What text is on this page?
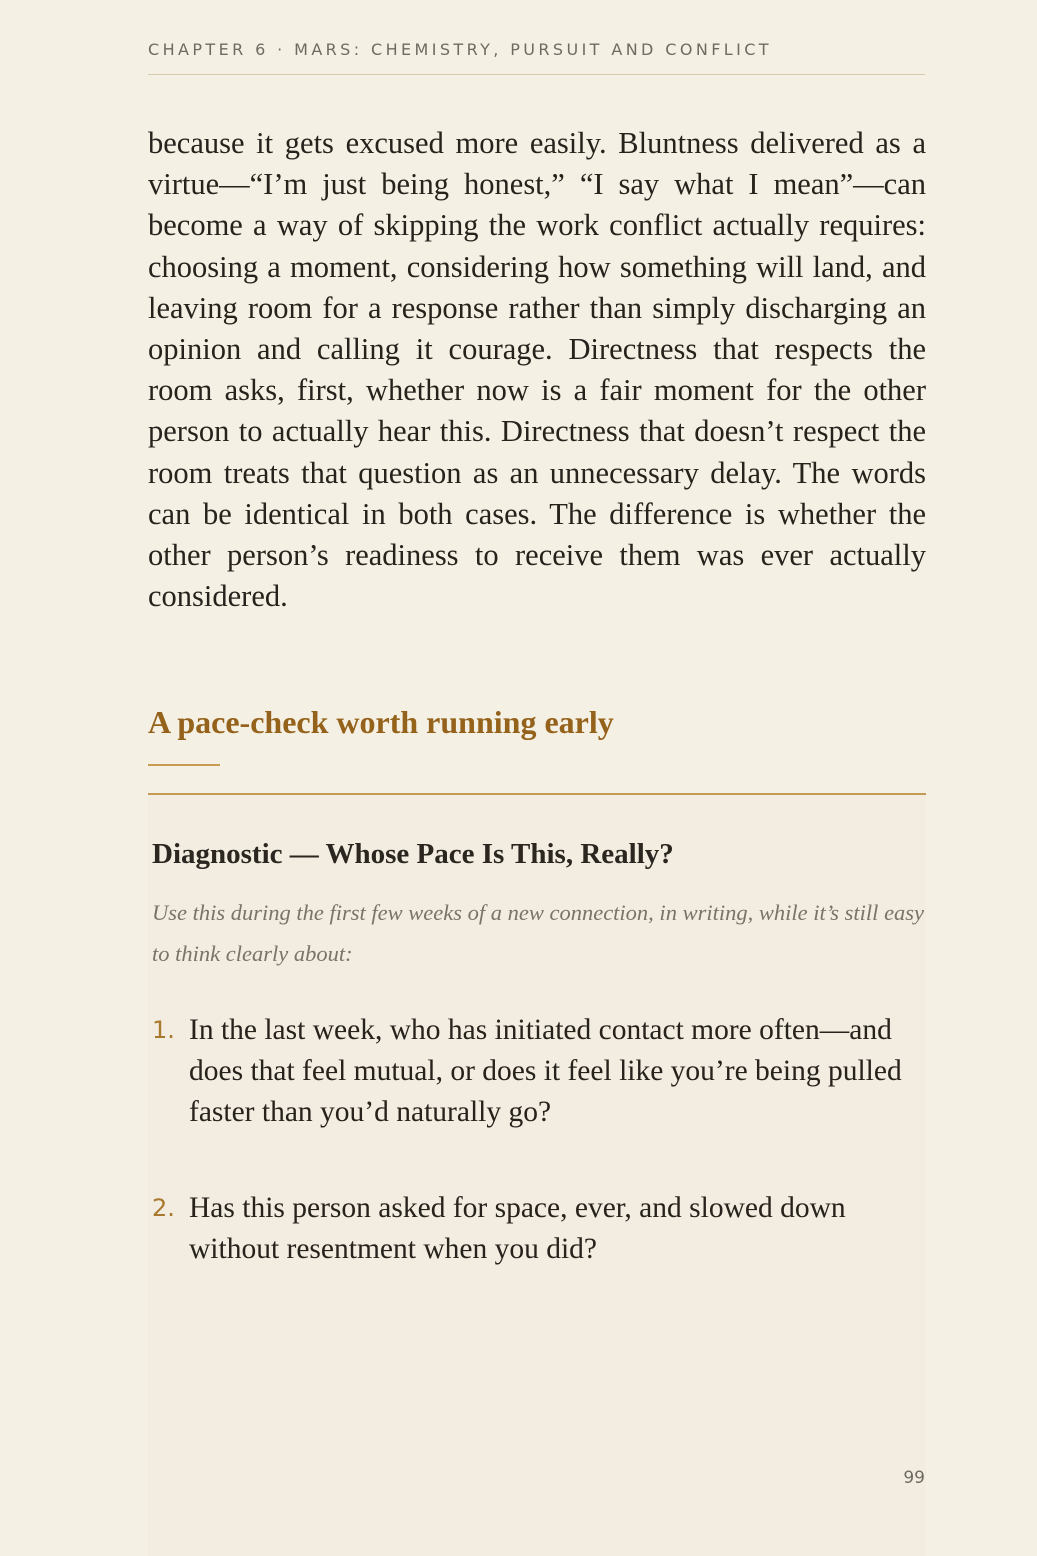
CHAPTER 6 · MARS: CHEMISTRY, PURSUIT AND CONFLICT

because it gets excused more easily. Bluntness delivered as a virtue—“I’m just being honest,” “I say what I mean”—can become a way of skipping the work conflict actually requires: choosing a moment, considering how something will land, and leaving room for a response rather than simply discharging an opinion and calling it courage. Directness that respects the room asks, first, whether now is a fair moment for the other person to actually hear this. Directness that doesn’t respect the room treats that question as an unnecessary delay. The words can be identical in both cases. The difference is whether the other person’s readiness to receive them was ever actually considered.

A pace-check worth running early
Diagnostic — Whose Pace Is This, Really?

Use this during the first few weeks of a new connection, in writing, while it’s still easy to think clearly about:

1. In the last week, who has initiated contact more often—and does that feel mutual, or does it feel like you’re being pulled faster than you’d naturally go?

2. Has this person asked for space, ever, and slowed down without resentment when you did?

99
